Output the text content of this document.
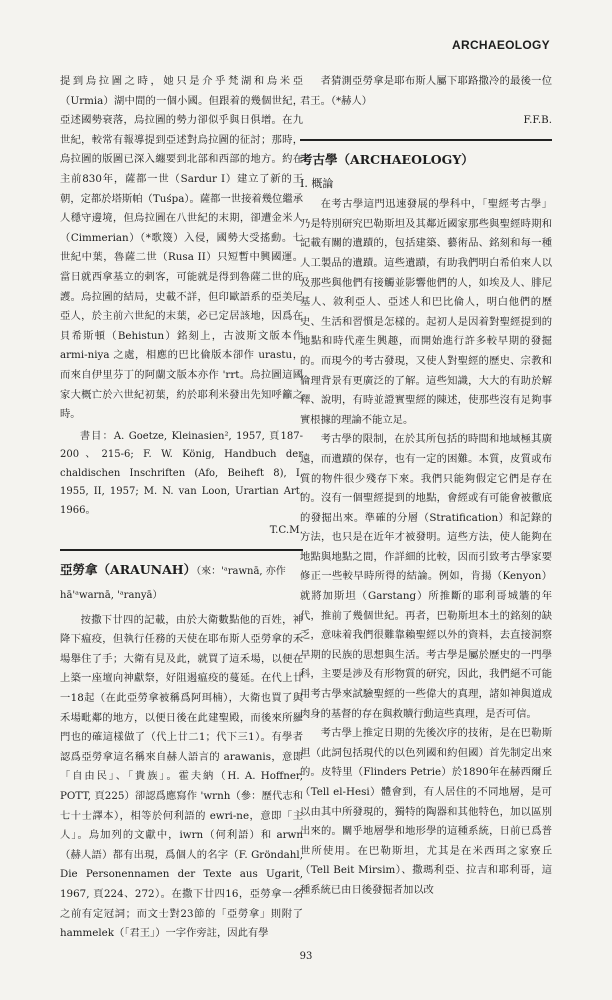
ARCHAEOLOGY

提到烏拉圖之時，她只是介乎梵湖和烏米亞（Urmia）湖中間的一個小國。但跟着的幾個世紀，亞述國勢衰落，烏拉圖的勢力卻似乎與日俱增。在九世紀，較常有報導提到亞述對烏拉圖的征討；那時，烏拉圖的版圖已深入纏要到北部和西部的地方。約在主前830年，薩都一世（Sardur I）建立了新的王朝，定都於塔斯帕（Tuśpa）。薩都一世接着幾位繼承人穩守邊境，但烏拉圖在八世紀的末期，卻遭金米人（Cimmerian）（*歌篾）入侵，國勢大受搖動。七世紀中葉，魯薩二世（Rusa II）只短暫中興國運。當日就西拿基立的剌客，可能就是得到魯薩二世的庇護。烏拉圖的結局，史載不詳，但印歐語系的亞美尼亞人，於主前六世紀的末葉，必已定居該地，因爲在貝希斯頓（Behistun）銘刻上，古波斯文版本作 armi-niya 之處，相應的巴比倫版本卻作 urastu，而來自伊里芬丁的阿蘭文版本亦作 'rrt。烏拉圖這國家大概亡於六世紀初葉，約於耶利米發出先知呼籲之時。

書目：A. Goetze, Kleinasien², 1957, 頁187-200、215-6; F. W. König, Handbuch der chaldischen Inschriften (Afo, Beiheft 8), I, 1955, II, 1957; M. N. van Loon, Urartian Art, 1966。

T.C.M.
亞勞拿（ARAUNAH）（來：'ᵃrawnā, 亦作 hā'ᵃwarnā, 'ᵃranyā）

按撒下廿四的記載，由於大衛數點他的百姓，神降下瘟疫，但執行任務的天使在耶布斯人亞勞拿的禾場舉住了手；大衛有見及此，就買了這禾場，以便在上築一座壇向神獻祭，好阻遏瘟疫的蔓延。在代上廿一18起（在此亞勞拿被稱爲阿珥楠），大衛也買了與禾場毗鄰的地方，以便日後在此建聖殿，而後來所羅門也的確這樣做了（代上廿二1；代下三1）。有學者認爲亞勞拿這名稱來自赫人語言的 arawanis，意即「自由民」、「貴族」。霍夫納（H. A. Hoffner, POTT, 頁225）卻認爲應寫作 'wrnh（參：歷代志和七十士譯本），相等於何利語的 ewri-ne，意即「主人」。烏加列的文獻中，iwrn（何利語）和 arwn（赫人語）都有出現，爲個人的名字（F. Gröndahl, Die Personennamen der Texte aus Ugarit, 1967, 頁224、272）。在撒下廿四16，亞勞拿一名之前有定冠詞；而文士對23節的「亞勞拿」則附了 hammelek（「君王」）一字作旁註，因此有學

者猜測亞勞拿是耶布斯人屬下耶路撒冷的最後一位君王。（*赫人）

F.F.B.
考古學（ARCHAEOLOGY）
I. 概論

在考古學這門迅速發展的學科中，「聖經考古學」乃是特別研究巴勒斯坦及其鄰近國家那些與聖經時期和記載有關的遺蹟的，包括建築、藝術品、銘刻和每一種人工製品的遺蹟。這些遺蹟，有助我們明白希伯來人以及那些與他們有接觸並影響他們的人，如埃及人、腓尼基人、敘利亞人、亞述人和巴比倫人，明白他們的歷史、生活和習慣是怎樣的。起初人是因着對聖經提到的地點和時代產生興趣，而開始進行許多較早期的發掘的。而現今的考古發現，又使人對聖經的歷史、宗教和倫理背景有更廣泛的了解。這些知識，大大的有助於解釋、說明，有時並證實聖經的陳述，使那些沒有足夠事實根據的理論不能立足。

考古學的限制，在於其所包括的時間和地域極其廣遠，而遺蹟的保存，也有一定的困難。本質，皮質或布質的物件很少殘存下來。我們只能夠假定它們是存在的。沒有一個聖經提到的地點，會經或有可能會被徹底的發掘出來。準確的分層（Stratification）和記錄的方法，也只是在近年才被發明。這些方法，使人能夠在地點與地點之間，作詳細的比較，因而引致考古學家要修正一些較早時所得的結論。例如，肯揚（Kenyon）就將加斯坦（Garstang）所推斷的耶利哥城牆的年代，推前了幾個世紀。再者，巴勒斯坦本土的銘刻的缺乏，意味着我們很難靠賴聖經以外的資料，去直接洞察早期的民族的思想與生活。考古學是屬於歷史的一門學科，主要是涉及有形物質的研究，因此，我們絕不可能用考古學來試驗聖經的一些偉大的真理，諸如神與道成肉身的基督的存在與救贖行動這些真理，是否可信。

考古學上推定日期的先後次序的技術，是在巴勒斯坦（此詞包括現代的以色列國和約但國）首先制定出來的。皮特里（Flinders Petrie）於1890年在赫西爾丘（Tell el-Hesi）體會到，有人居住的不同地層，是可以由其中所發現的，獨特的陶器和其他特色，加以區別出來的。關乎地層學和地形學的這種系統，日前已爲普世所使用。在巴勒斯坦，尤其是在米西珥之家寮丘（Tell Beit Mirsim）、撒瑪利亞、拉吉和耶利哥，這種系統已由日後發掘者加以改

93
